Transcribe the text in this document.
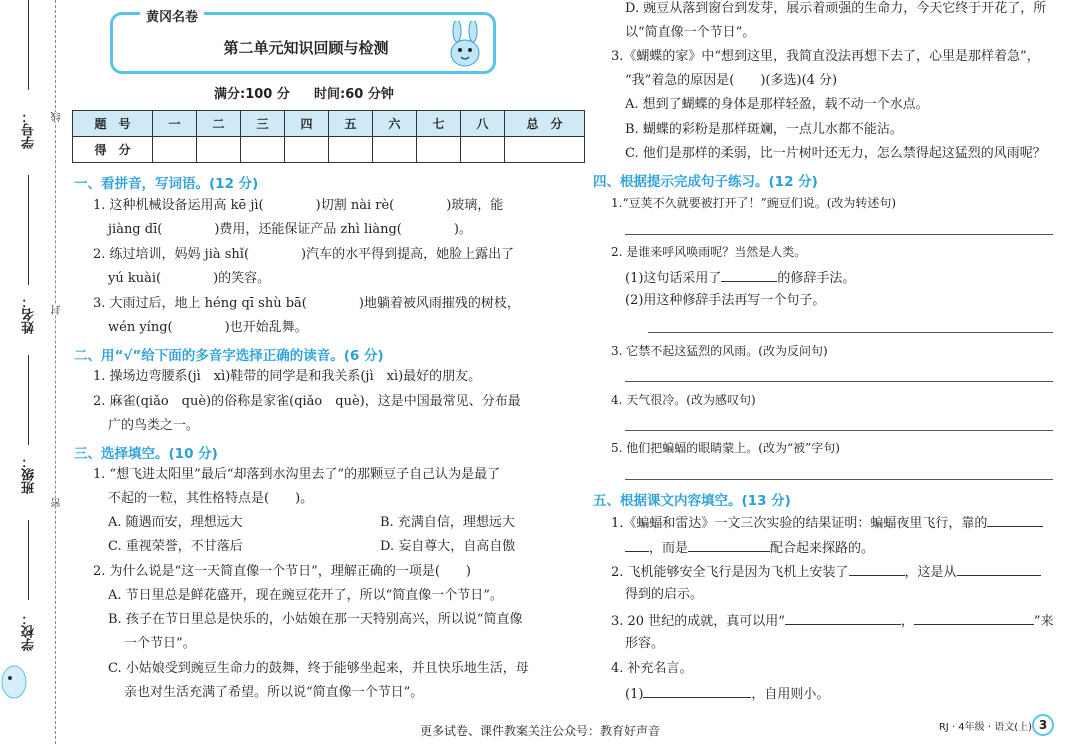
学号：
姓名：
班级：
学校：
线
封
密
第二单元知识回顾与检测
黄冈名卷
满分:100 分 时间:60 分钟
题　号	一	二	三	四	五	六	七	八	总　分
得　分									
一、看拼音，写词语。(12 分)
1. 这种机械设备运用高 kē jì(　　　　)切割 nài rè(　　　　)玻璃，能
jiàng dī(　　　　)费用，还能保证产品 zhì liàng(　　　　)。
2. 练过培训，妈妈 jià shǐ(　　　　)汽车的水平得到提高，她脸上露出了
yú kuài(　　　　)的笑容。
3. 大雨过后，地上 héng qī shù bā(　　　　)地躺着被风雨摧残的树枝，
wén yíng(　　　　)也开始乱舞。
二、用“√”给下面的多音字选择正确的读音。(6 分)
1. 操场边弯腰系(jì　xì)鞋带的同学是和我关系(jì　xì)最好的朋友。
2. 麻雀(qiǎo　què)的俗称是家雀(qiǎo　què)，这是中国最常见、分布最
广的鸟类之一。
三、选择填空。(10 分)
1. “想飞进太阳里”最后“却落到水沟里去了”的那颗豆子自己认为是最了
不起的一粒，其性格特点是(　　)。
A. 随遇而安，理想远大	B. 充满自信，理想远大
C. 重视荣誉，不甘落后	D. 妄自尊大，自高自傲
2. 为什么说是“这一天简直像一个节日”，理解正确的一项是(　　)
A. 节日里总是鲜花盛开，现在豌豆花开了，所以“简直像一个节日”。
B. 孩子在节日里总是快乐的，小姑娘在那一天特别高兴，所以说“简直像
一个节日”。
C. 小姑娘受到豌豆生命力的鼓舞，终于能够坐起来，并且快乐地生活，母
亲也对生活充满了希望。所以说“简直像一个节日”。
D. 豌豆从落到窗台到发芽，展示着顽强的生命力，今天它终于开花了，所
以“简直像一个节日”。
3.《蝴蝶的家》中“想到这里，我简直没法再想下去了，心里是那样着急”，
“我”着急的原因是(　　)(多选)(4 分)
A. 想到了蝴蝶的身体是那样轻盈，载不动一个水点。
B. 蝴蝶的彩粉是那样斑斓，一点儿水都不能沾。
C. 他们是那样的柔弱，比一片树叶还无力，怎么禁得起这猛烈的风雨呢？
四、根据提示完成句子练习。(12 分)
1.“豆荚不久就要被打开了！”豌豆们说。(改为转述句)
2. 是谁来呼风唤雨呢？当然是人类。
(1)这句话采用了	的修辞手法。
(2)用这种修辞手法再写一个句子。
3. 它禁不起这猛烈的风雨。(改为反问句)
4. 天气很冷。(改为感叹句)
5. 他们把蝙蝠的眼睛蒙上。(改为“被”字句)
五、根据课文内容填空。(13 分)
1.《蝙蝠和雷达》一文三次实验的结果证明：蝙蝠夜里飞行，靠的
，而是	配合起来探路的。
2. 飞机能够安全飞行是因为飞机上安装了	，这是从
得到的启示。
3. 20 世纪的成就，真可以用“	，	”来
形容。
4. 补充名言。
(1)	，自用则小。
更多试卷、课件教案关注公众号：教育好声音	RJ · 4年级 · 语文(上) 3
